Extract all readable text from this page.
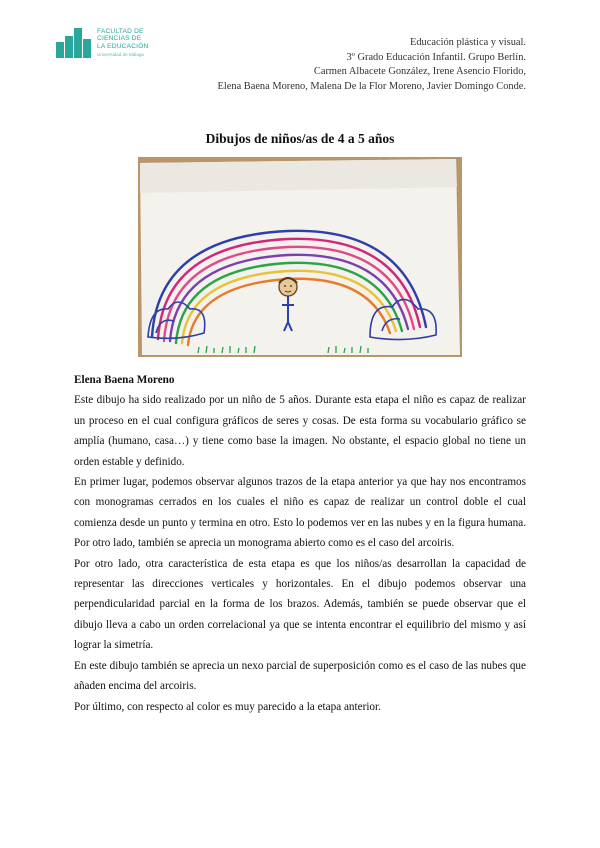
FACULTAD DE
CIENCIAS DE
LA EDUCACIÓN
Universidad de Málaga
Educación plástica y visual.
3º Grado Educación Infantil. Grupo Berlín.
Carmen Albacete González, Irene Asencio Florido,
Elena Baena Moreno, Malena De la Flor Moreno, Javier Domingo Conde.
Dibujos de niños/as de 4 a 5 años
Elena Baena Moreno

Este dibujo ha sido realizado por un niño de 5 años. Durante esta etapa el niño es capaz de realizar un proceso en el cual configura gráficos de seres y cosas. De esta forma su vocabulario gráfico se amplía (humano, casa…) y tiene como base la imagen. No obstante, el espacio global no tiene un orden estable y definido.

En primer lugar, podemos observar algunos trazos de la etapa anterior ya que hay nos encontramos con monogramas cerrados en los cuales el niño es capaz de realizar un control doble el cual comienza desde un punto y termina en otro. Esto lo podemos ver en las nubes y en la figura humana. Por otro lado, también se aprecia un monograma abierto como es el caso del arcoiris.

Por otro lado, otra característica de esta etapa es que los niños/as desarrollan la capacidad de representar las direcciones verticales y horizontales. En el dibujo podemos observar una perpendicularidad parcial en la forma de los brazos. Además, también se puede observar que el dibujo lleva a cabo un orden correlacional ya que se intenta encontrar el equilibrio del mismo y así lograr la simetría.

En este dibujo también se aprecia un nexo parcial de superposición como es el caso de las nubes que añaden encima del arcoiris.

Por último, con respecto al color es muy parecido a la etapa anterior.
